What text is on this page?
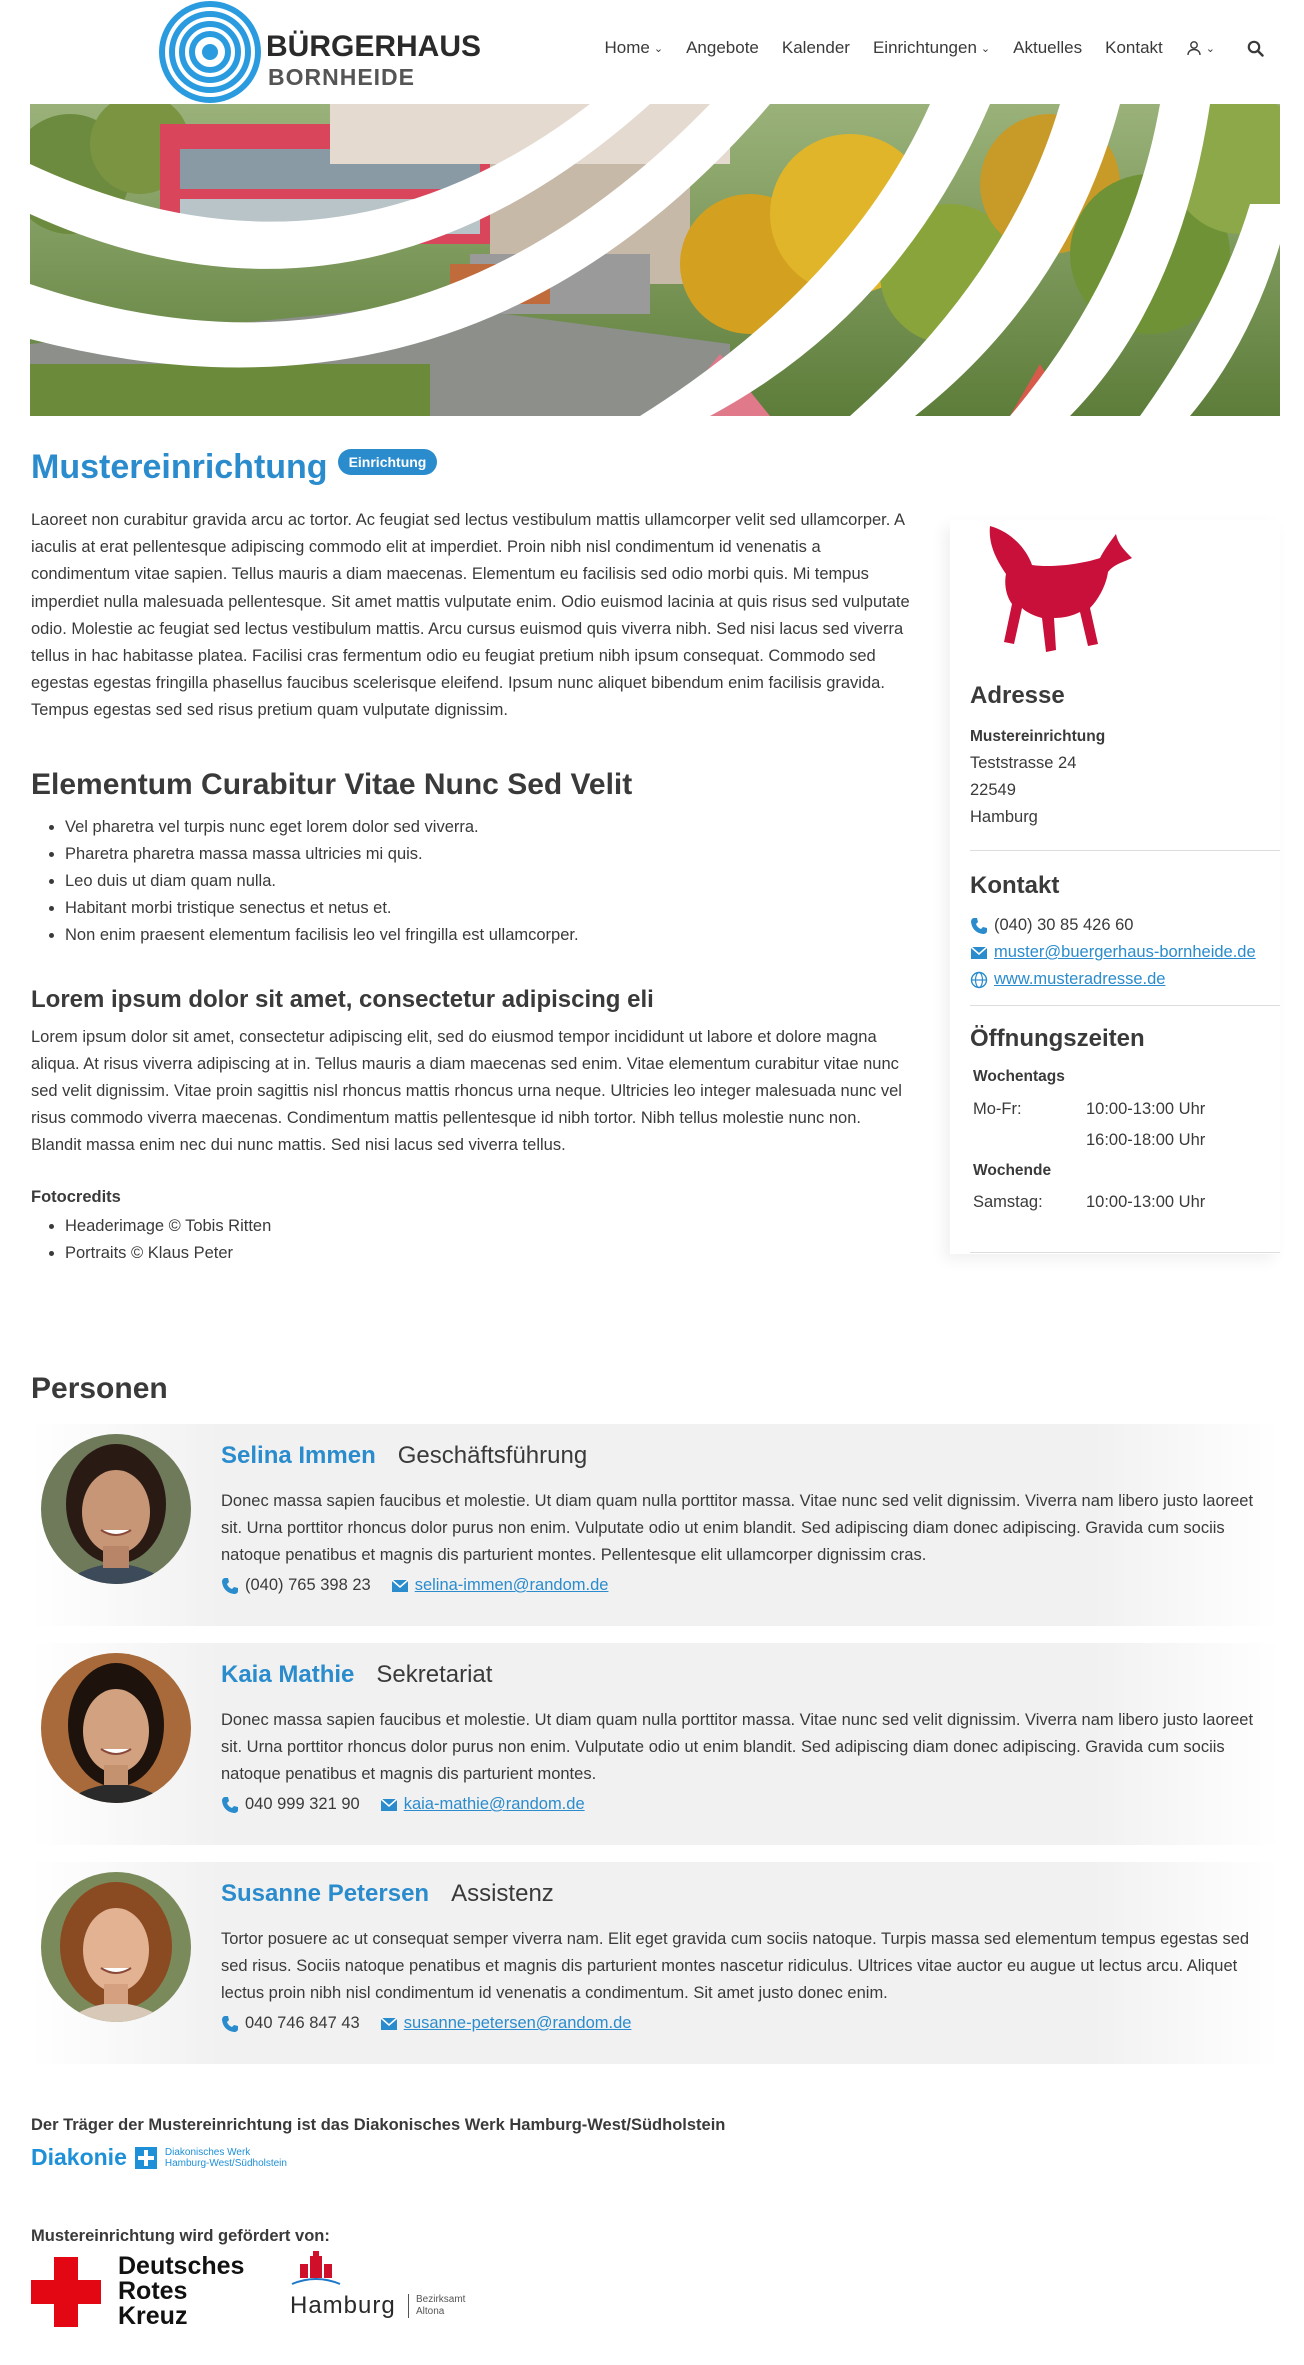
BÜRGERHAUS
BORNHEIDE
Home ⌄ Angebote Kalender Einrichtungen ⌄ Aktuelles Kontakt	⌄
Mustereinrichtung	Einrichtung

Laoreet non curabitur gravida arcu ac tortor. Ac feugiat sed lectus vestibulum mattis ullamcorper velit sed ullamcorper. A iaculis at erat pellentesque adipiscing commodo elit at imperdiet. Proin nibh nisl condimentum id venenatis a condimentum vitae sapien. Tellus mauris a diam maecenas. Elementum eu facilisis sed odio morbi quis. Mi tempus imperdiet nulla malesuada pellentesque. Sit amet mattis vulputate enim. Odio euismod lacinia at quis risus sed vulputate odio. Molestie ac feugiat sed lectus vestibulum mattis. Arcu cursus euismod quis viverra nibh. Sed nisi lacus sed viverra tellus in hac habitasse platea. Facilisi cras fermentum odio eu feugiat pretium nibh ipsum consequat. Commodo sed egestas egestas fringilla phasellus faucibus scelerisque eleifend. Ipsum nunc aliquet bibendum enim facilisis gravida. Tempus egestas sed sed risus pretium quam vulputate dignissim.

Elementum Curabitur Vitae Nunc Sed Velit
• Vel pharetra vel turpis nunc eget lorem dolor sed viverra.
• Pharetra pharetra massa massa ultricies mi quis.
• Leo duis ut diam quam nulla.
• Habitant morbi tristique senectus et netus et.
• Non enim praesent elementum facilisis leo vel fringilla est ullamcorper.
Lorem ipsum dolor sit amet, consectetur adipiscing eli

Lorem ipsum dolor sit amet, consectetur adipiscing elit, sed do eiusmod tempor incididunt ut labore et dolore magna aliqua. At risus viverra adipiscing at in. Tellus mauris a diam maecenas sed enim. Vitae elementum curabitur vitae nunc sed velit dignissim. Vitae proin sagittis nisl rhoncus mattis rhoncus urna neque. Ultricies leo integer malesuada nunc vel risus commodo viverra maecenas. Condimentum mattis pellentesque id nibh tortor. Nibh tellus molestie nunc non. Blandit massa enim nec dui nunc mattis. Sed nisi lacus sed viverra tellus.

Fotocredits
• Headerimage © Tobis Ritten
• Portraits © Klaus Peter
Adresse
Mustereinrichtung
Teststrasse 24
22549
Hamburg
Kontakt
(040) 30 85 426 60
muster@buergerhaus-bornheide.de
www.musteradresse.de
Öffnungszeiten
Wochentags
Mo-Fr:	10:00-13:00 Uhr
16:00-18:00 Uhr
Wochende
Samstag:	10:00-13:00 Uhr
Personen
Selina Immen Geschäftsführung

Donec massa sapien faucibus et molestie. Ut diam quam nulla porttitor massa. Vitae nunc sed velit dignissim. Viverra nam libero justo laoreet sit. Urna porttitor rhoncus dolor purus non enim. Vulputate odio ut enim blandit. Sed adipiscing diam donec adipiscing. Gravida cum sociis natoque penatibus et magnis dis parturient montes. Pellentesque elit ullamcorper dignissim cras.

(040) 765 398 23	selina-immen@random.de
Kaia Mathie Sekretariat

Donec massa sapien faucibus et molestie. Ut diam quam nulla porttitor massa. Vitae nunc sed velit dignissim. Viverra nam libero justo laoreet sit. Urna porttitor rhoncus dolor purus non enim. Vulputate odio ut enim blandit. Sed adipiscing diam donec adipiscing. Gravida cum sociis natoque penatibus et magnis dis parturient montes.

040 999 321 90	kaia-mathie@random.de
Susanne Petersen Assistenz

Tortor posuere ac ut consequat semper viverra nam. Elit eget gravida cum sociis natoque. Turpis massa sed elementum tempus egestas sed sed risus. Sociis natoque penatibus et magnis dis parturient montes nascetur ridiculus. Ultrices vitae auctor eu augue ut lectus arcu. Aliquet lectus proin nibh nisl condimentum id venenatis a condimentum. Sit amet justo donec enim.

040 746 847 43	susanne-petersen@random.de
Der Träger der Mustereinrichtung ist das Diakonisches Werk Hamburg-West/Südholstein
Diakonie	Diakonisches Werk
Hamburg-West/Südholstein
Mustereinrichtung wird gefördert von:
Deutsches
Rotes
Kreuz	Hamburg Bezirksamt
Altona
